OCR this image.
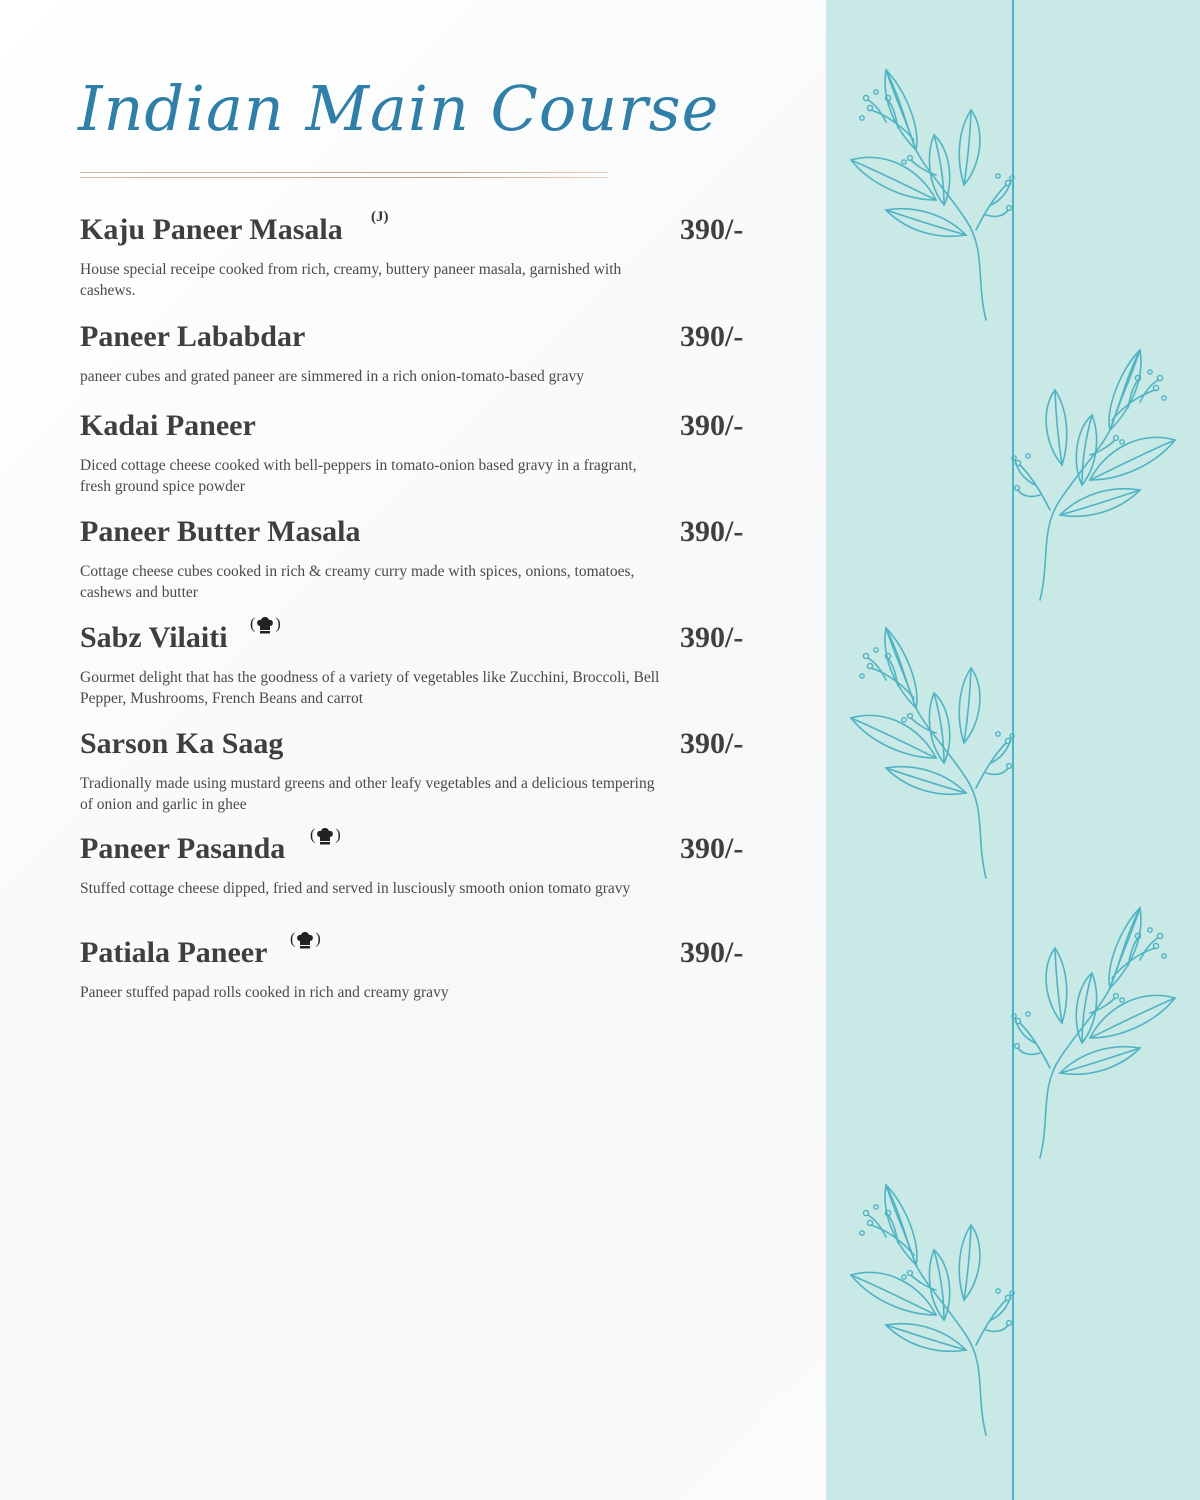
Indian Main Course
Kaju Paneer Masala (J)	390/-
House special receipe cooked from rich, creamy, buttery paneer masala, garnished with cashews.
Paneer Lababdar	390/-
paneer cubes and grated paneer are simmered in a rich onion-tomato-based gravy
Kadai Paneer	390/-
Diced cottage cheese cooked with bell-peppers in tomato-onion based gravy in a fragrant, fresh ground spice powder
Paneer Butter Masala	390/-
Cottage cheese cubes cooked in rich & creamy curry made with spices, onions, tomatoes, cashews and butter
Sabz Vilaiti ( )	390/-
Gourmet delight that has the goodness of a variety of vegetables like Zucchini, Broccoli, Bell Pepper, Mushrooms, French Beans and carrot
Sarson Ka Saag	390/-
Tradionally made using mustard greens and other leafy vegetables and a delicious tempering of onion and garlic in ghee
Paneer Pasanda ( )	390/-
Stuffed cottage cheese dipped, fried and served in lusciously smooth onion tomato gravy
Patiala Paneer ( )	390/-
Paneer stuffed papad rolls cooked in rich and creamy gravy
